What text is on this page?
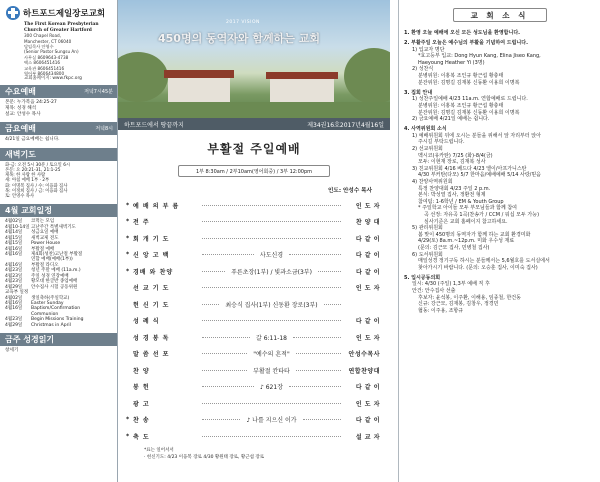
하트포드제일장로교회
The First Korean Presbyterian
Church of Greater Hartford
300 Chapel Road,
Manchester, CT 06040
담임목사 안영수
(Senior Pastor Sungsu An)
사무실 8609643-4738
팩스 8606451416
교육관 8606451416
영어부 8606434800
교회홈페이지: www.fkpc.org
수요예배	저녁7시45분
본문: 누가복음 24:25-27
제목: 성경 해석
설교: 안성수 목사
금요예배	저녁8시
4/21일 금요예배는 쉽니다.
새벽기도
화-금: 오전 5시 30분 / 토요일 6시
본문: 요 20:21-31, 21:1-25
제목: 한 사람 한 사람
새: 아침 예배 1부 · 2부
화: 이명복 집사 / 수: 이융화 집사
목: 이정희 집사 / 금: 이융화 집사
토: 안영수 목사
4월 교회일정
4월02일	코먹는 모임
4월10-14일 고난주간 특별새벽기도
4월14일	성금요일 예배
4월15일	새벽교제 전도
4월15일	Power House
4월16일	부활절 예배
4월16일	제4회(성찬)고난절 부활절
연합 예배(예배(1부))
4월16일	부활절 라디오
4월23일	청년 주말 예배 (11a.m.)
4월23일	주일 성경 연장예배
4월23일	황모대 한글반 종업예배
4월29일	안수집사 시험 공동위원
교육부 일정
4월02일	생일축하(주일학교)
4월16일	Easter Sunday
4월16일	Baptism/Confirmation
Communion
4월23일	Begin Missions Training
4월29일	Christmas in April
금주 성경읽기
창세기
2017 VISION
450명의 동역자와 함께하는 교회
하트포드에서 땅끝까지	제34권16호2017년4월16일
부활절 주일예배
1부 8:30am / 2부10am(영어회중) / 3부 12:00pm
인도: 안성수 목사
* 예 배 의 부 름	인 도 자
* 전 주	찬 양 대
* 회 개 기 도	다 같 이
* 신 앙 고 백	사도신경	다 같 이
* 경배 와 찬양	푸른초장(1부) / 빛과소금(3부)	다 같 이
선 교 기 도	인 도 자
헌 신 기 도	최승식 집사(1부) 신동환 장로(3부)
성 례 식	다 같 이
성 경 봉 독	갈 6:11-18	인 도 자
말 씀 선 포	"예수의 흔적"	안성수목사
찬 양	부활절 칸타타	연합찬양대
봉 헌	♪ 621장	다 같 이
광 고	인 도 자
* 찬 송	♪ 나를 지으신 이가	다 같 이
* 축 도	설 교 자
*표는 일어서서
· 헌신기도: 4/23 이융복 장로 4/30 황원태 장로, 황근섭 장로
교 회 소 식
1. 환영 오늘 예배에 오신 모든 성도님을 환영합니다.
2. 부활주일 오늘은 예수님의 부활을 기념하여 드립니다.
1) 입교자 명단
*효고등부 입교: Dong Hyun Kang, Elina Jiseo Kang,
Haeyoung Heather Yi (3명)
2) 성찬식
분병위원: 이홍복 조인규 황근섭 황충태
분잔위원: 김명길 김재봉 신동환 이용희 이명복
3. 집회 안내
1) 성찬주일예배 4/23 11a.m. 연합예배로 드립니다.
분병위원: 이홍복 조인규 황근섭 황충태
분잔위원: 김명길 김재봉 신동환 이용희 이명복
2) 금요예배 4/21일 예배는 쉽니다.
4. 사역위원회 소식
1) 예배위원회 뒤에 오시는 분들을 위해서 앞 자리부터 앉아
주시길 부탁드립니다.
2) 선교위원회
멕시코(유카탄) 7/25 (화)-8/4(금)
모두: 이현재 장로, 김재복 성사
3) 친교위원회 4/16 베드다 4/23 엘이/아프가니스탄
4/30 부커탄(다모) 5/7 한마음/예배예배 5/14 사랑/믿음
4) 찬양사역위원회
특정 찬양대회 4/23 주일 2 p.m.
본식: 박성열 집사, 정환전 형제
참여팀: 1-6학년 / EM & Youth Group
* 주일학교 아이들 모두 부모님들과 함께 참여
곡 선정: 자유곡 1곡(찬송가 / CCM / 워십 모두 가능)
심사기준은 교회 홈페이지 참고하세요.
5) 관리위원회
봄 맞이 450명의 동역자가 함께 하는 교회 환경미화
4/29(토) 8a.m.~12p.m. 미화 우수성 재료
(문의: 김근모 집사, 민병철 집사)
6) 도서위원회
매일성경 정기구독 하시는 분들께서는 5,6월호를 도서실에서
찾아가시기 바랍니다. (문의: 오승훈 집사, 이미숙 집사)
5. 입시공동의회
일시: 4/30 (주일) 1,3부 예배 직 후
안건: 안수집사 선출
후보자: 윤석봉, 이주환, 이해용, 임종철, 한건동
신규: 강근모, 김재봉, 김창우, 정경민
협동: 이주용, 조항규
